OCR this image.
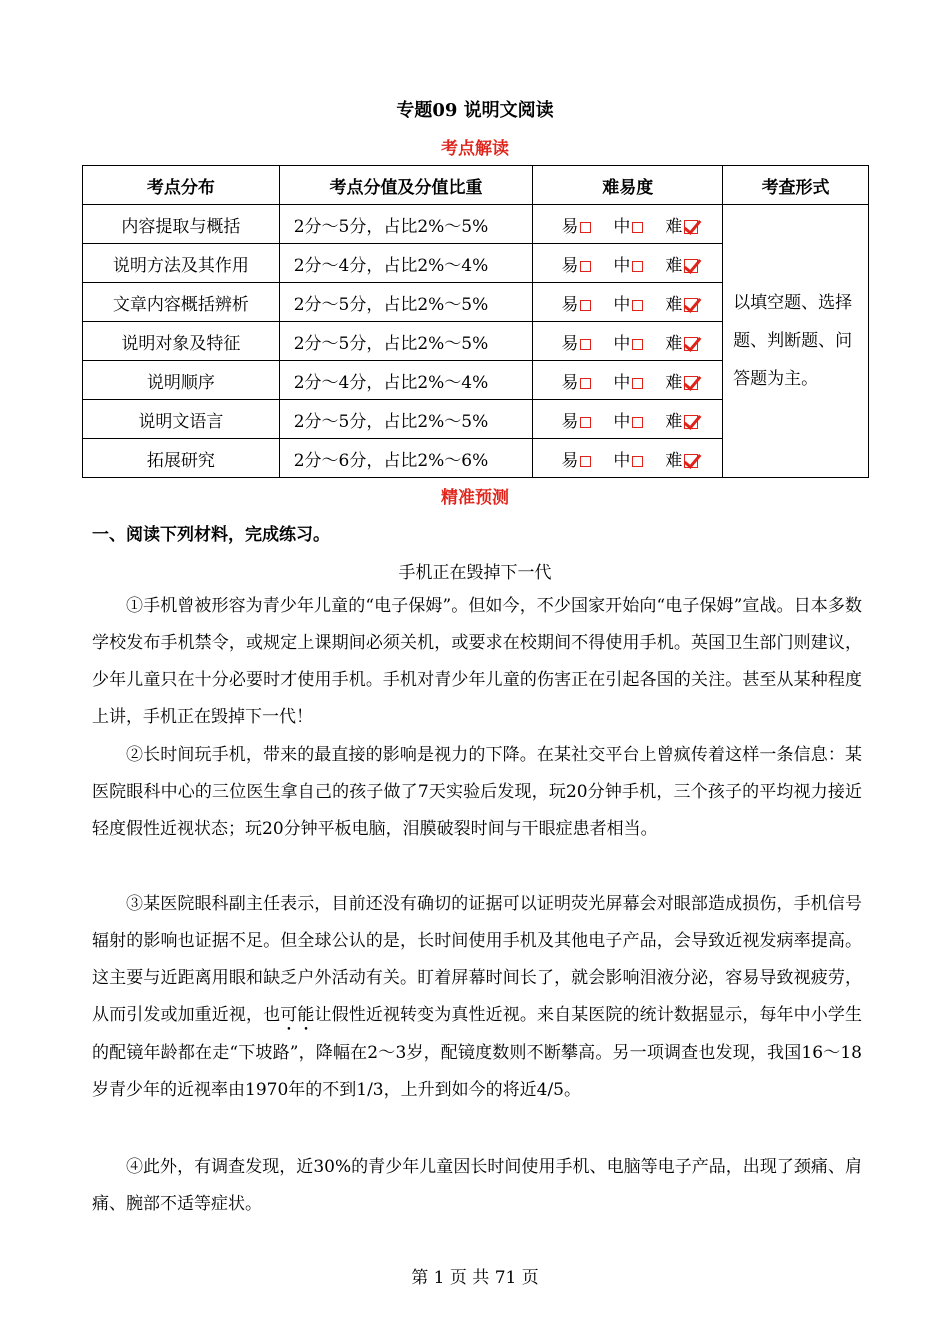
专题09 说明文阅读
考点解读
考点分布	考点分值及分值比重	难易度	考查形式
内容提取与概括	2分～5分，占比2%～5%	易 中 难	以填空题、选择题、判断题、问答题为主。
说明方法及其作用	2分～4分，占比2%～4%	易 中 难	
文章内容概括辨析	2分～5分，占比2%～5%	易 中 难	
说明对象及特征	2分～5分，占比2%～5%	易 中 难	
说明顺序	2分～4分，占比2%～4%	易 中 难	
说明文语言	2分～5分，占比2%～5%	易 中 难	
拓展研究	2分～6分，占比2%～6%	易 中 难	
精准预测
一、阅读下列材料，完成练习。
手机正在毁掉下一代
①手机曾被形容为青少年儿童的“电子保姆”。但如今，不少国家开始向“电子保姆”宣战。日本多数学校发布手机禁令，或规定上课期间必须关机，或要求在校期间不得使用手机。英国卫生部门则建议，少年儿童只在十分必要时才使用手机。手机对青少年儿童的伤害正在引起各国的关注。甚至从某种程度上讲，手机正在毁掉下一代！
②长时间玩手机，带来的最直接的影响是视力的下降。在某社交平台上曾疯传着这样一条信息：某医院眼科中心的三位医生拿自己的孩子做了7天实验后发现，玩20分钟手机，三个孩子的平均视力接近轻度假性近视状态；玩20分钟平板电脑，泪膜破裂时间与干眼症患者相当。
③某医院眼科副主任表示，目前还没有确切的证据可以证明荧光屏幕会对眼部造成损伤，手机信号辐射的影响也证据不足。但全球公认的是，长时间使用手机及其他电子产品，会导致近视发病率提高。这主要与近距离用眼和缺乏户外活动有关。盯着屏幕时间长了，就会影响泪液分泌，容易导致视疲劳，从而引发或加重近视，也可能让假性近视转变为真性近视。来自某医院的统计数据显示，每年中小学生的配镜年龄都在走“下坡路”，降幅在2～3岁，配镜度数则不断攀高。另一项调查也发现，我国16～18岁青少年的近视率由1970年的不到1/3，上升到如今的将近4/5。
④此外，有调查发现，近30%的青少年儿童因长时间使用手机、电脑等电子产品，出现了颈痛、肩痛、腕部不适等症状。
第 1 页 共 71 页
